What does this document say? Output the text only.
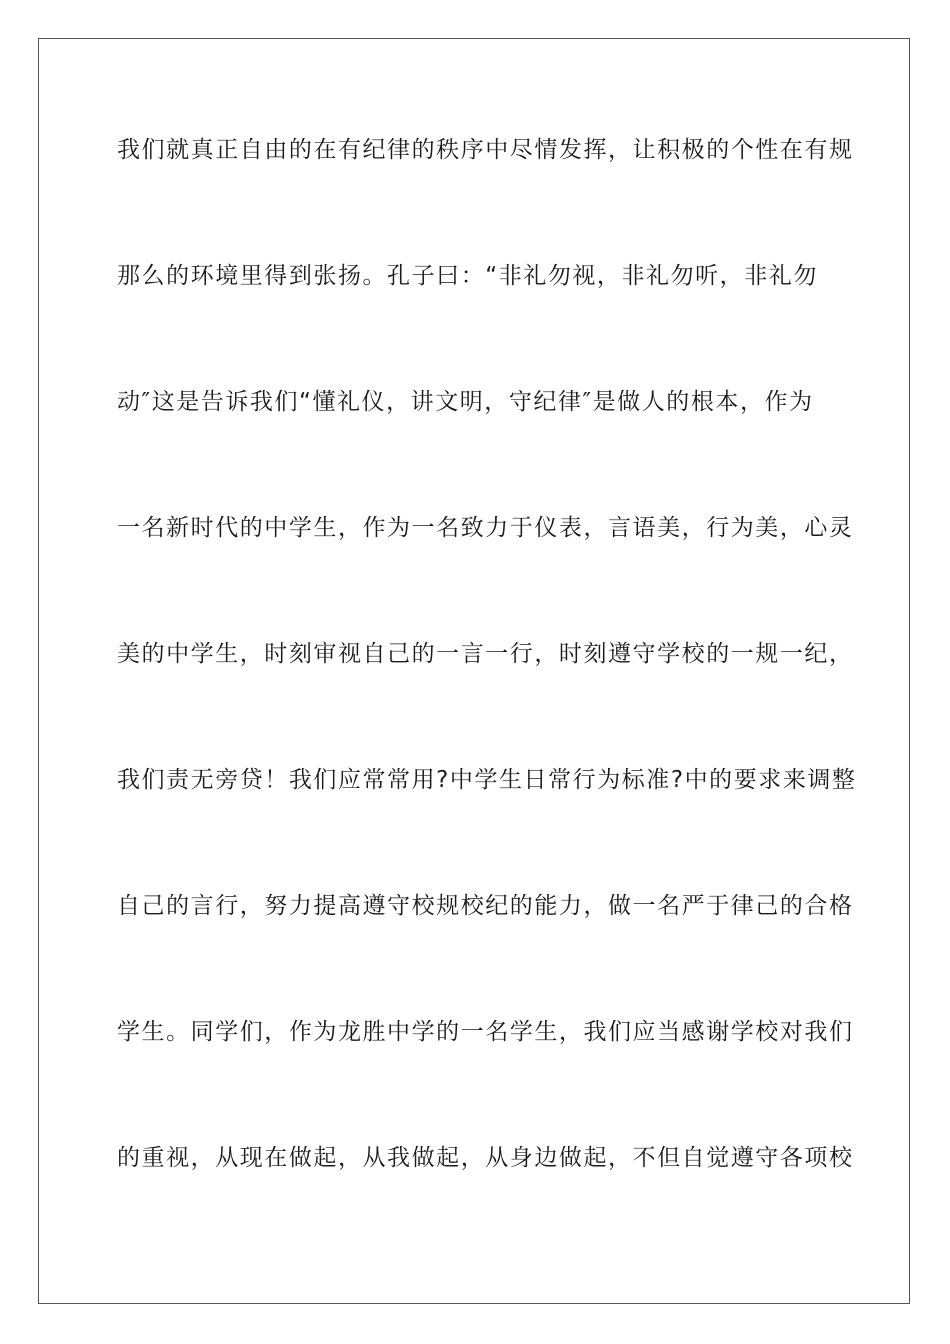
我们就真正自由的在有纪律的秩序中尽情发挥，让积极的个性在有规

那么的环境里得到张扬。孔子曰：“非礼勿视，非礼勿听，非礼勿

动″这是告诉我们“懂礼仪，讲文明，守纪律″是做人的根本，作为

一名新时代的中学生，作为一名致力于仪表，言语美，行为美，心灵

美的中学生，时刻审视自己的一言一行，时刻遵守学校的一规一纪，

我们责无旁贷！我们应常常用?中学生日常行为标准?中的要求来调整

自己的言行，努力提高遵守校规校纪的能力，做一名严于律己的合格

学生。同学们，作为龙胜中学的一名学生，我们应当感谢学校对我们

的重视，从现在做起，从我做起，从身边做起，不但自觉遵守各项校
